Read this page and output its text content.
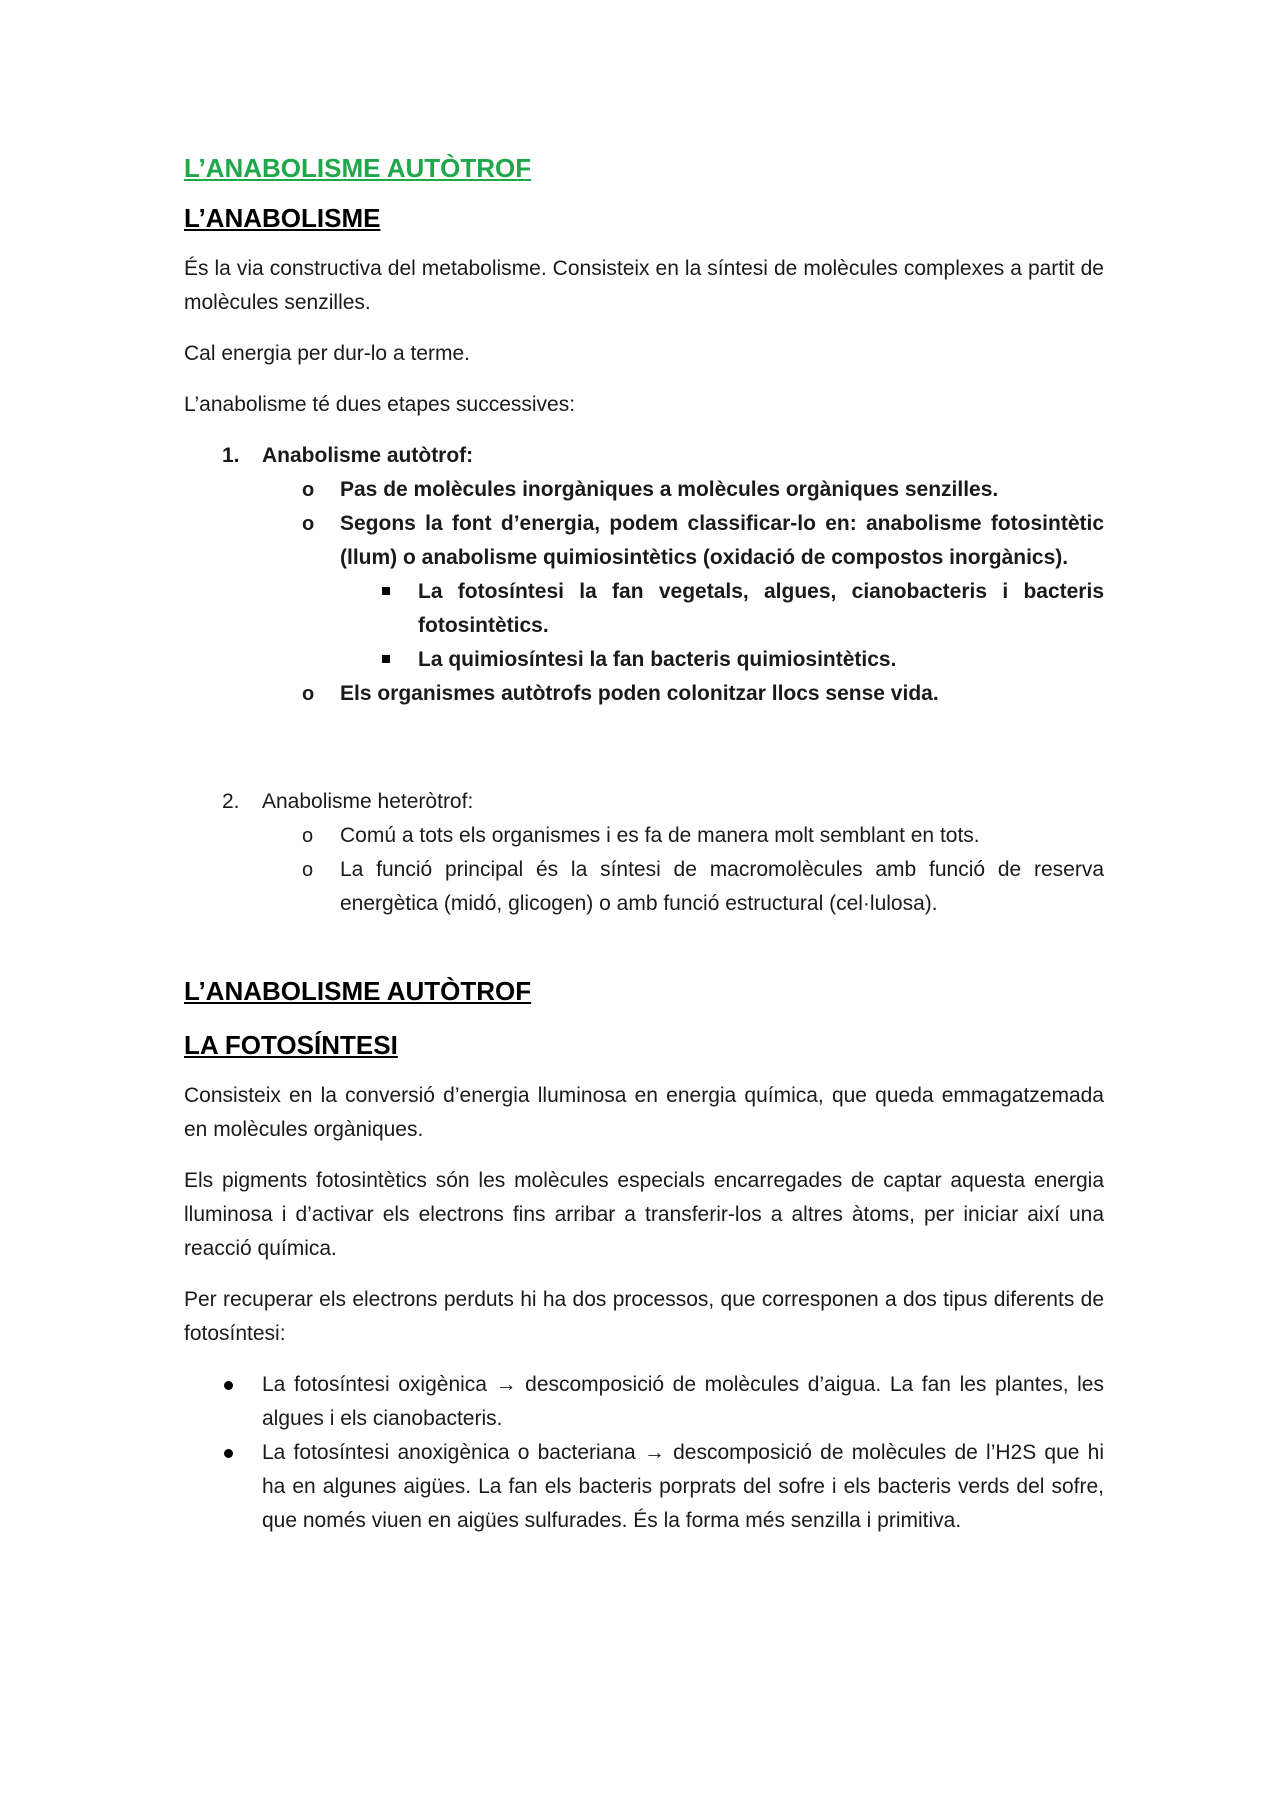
L’ANABOLISME AUTÒTROF
L’ANABOLISME

És la via constructiva del metabolisme. Consisteix en la síntesi de molècules complexes a partit de molècules senzilles.

Cal energia per dur-lo a terme.

L’anabolisme té dues etapes successives:

1. Anabolisme autòtrof:
o Pas de molècules inorgàniques a molècules orgàniques senzilles.
o Segons la font d’energia, podem classificar-lo en: anabolisme fotosintètic (llum) o anabolisme quimiosintètics (oxidació de compostos inorgànics).
La fotosíntesi la fan vegetals, algues, cianobacteris i bacteris fotosintètics.
La quimiosíntesi la fan bacteris quimiosintètics.
o Els organismes autòtrofs poden colonitzar llocs sense vida.
2. Anabolisme heteròtrof:
o Comú a tots els organismes i es fa de manera molt semblant en tots.
o La funció principal és la síntesi de macromolècules amb funció de reserva energètica (midó, glicogen) o amb funció estructural (cel·lulosa).
L’ANABOLISME AUTÒTROF
LA FOTOSÍNTESI

Consisteix en la conversió d’energia lluminosa en energia química, que queda emmagatzemada en molècules orgàniques.

Els pigments fotosintètics són les molècules especials encarregades de captar aquesta energia lluminosa i d’activar els electrons fins arribar a transferir-los a altres àtoms, per iniciar així una reacció química.

Per recuperar els electrons perduts hi ha dos processos, que corresponen a dos tipus diferents de fotosíntesi:

La fotosíntesi oxigènica → descomposició de molècules d’aigua. La fan les plantes, les algues i els cianobacteris.
La fotosíntesi anoxigènica o bacteriana → descomposició de molècules de l’H2S que hi ha en algunes aigües. La fan els bacteris porprats del sofre i els bacteris verds del sofre, que només viuen en aigües sulfurades. És la forma més senzilla i primitiva.
